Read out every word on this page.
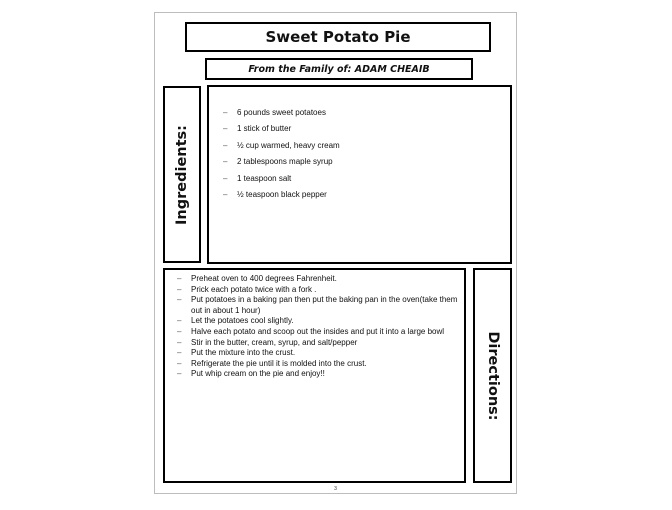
Sweet Potato Pie
From the Family of:
ADAM CHEAIB
Ingredients:
–	6 pounds sweet potatoes
–	1 stick of butter
–	½ cup warmed, heavy cream
–	2 tablespoons maple syrup
–	1 teaspoon salt
–	½ teaspoon black pepper
–	Preheat oven to 400 degrees Fahrenheit.
–	Prick each potato twice with a fork .
–	Put potatoes in a baking pan then put the baking pan in the oven(take them out in about 1 hour)
–	Let the potatoes cool slightly.
–	Halve each potato and scoop out the insides and put it into a large bowl
–	Stir in the butter, cream, syrup, and salt/pepper
–	Put the mixture into the crust.
–	Refrigerate the pie until it is molded into the crust.
–	Put whip cream on the pie and enjoy!!	Directions:
3
